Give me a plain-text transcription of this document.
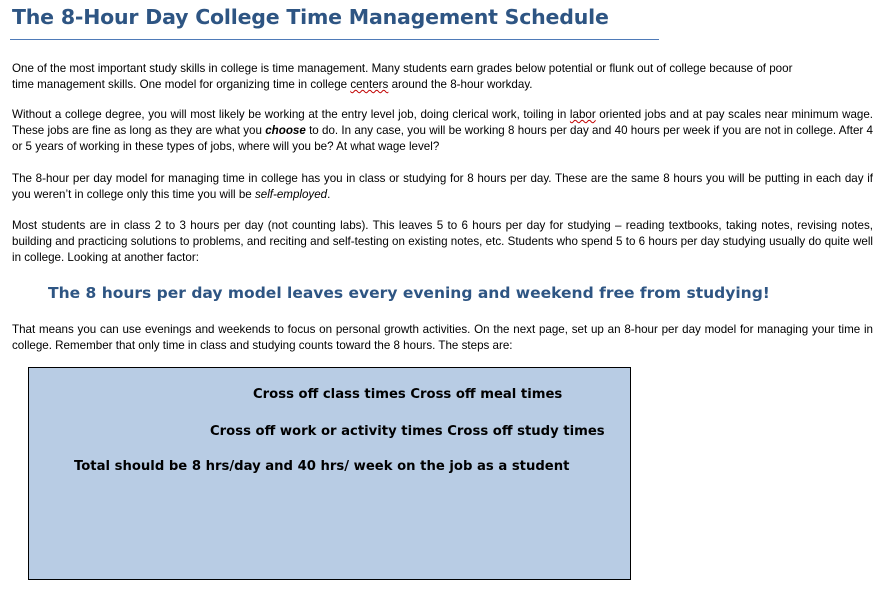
The 8-Hour Day College Time Management Schedule
One of the most important study skills in college is time management. Many students earn grades below potential or flunk out of college because of poor
time management skills. One model for organizing time in college centers around the 8-hour workday.

Without a college degree, you will most likely be working at the entry level job, doing clerical work, toiling in labor oriented jobs and at pay scales near minimum wage. These jobs are fine as long as they are what you choose to do. In any case, you will be working 8 hours per day and 40 hours per week if you are not in college. After 4 or 5 years of working in these types of jobs, where will you be? At what wage level?

The 8-hour per day model for managing time in college has you in class or studying for 8 hours per day. These are the same 8 hours you will be putting in each day if you weren’t in college only this time you will be self-employed.

Most students are in class 2 to 3 hours per day (not counting labs). This leaves 5 to 6 hours per day for studying – reading textbooks, taking notes, revising notes, building and practicing solutions to problems, and reciting and self-testing on existing notes, etc. Students who spend 5 to 6 hours per day studying usually do quite well in college. Looking at another factor:

The 8 hours per day model leaves every evening and weekend free from studying!

That means you can use evenings and weekends to focus on personal growth activities. On the next page, set up an 8-hour per day model for managing your time in college. Remember that only time in class and studying counts toward the 8 hours. The steps are:

Cross off class times Cross off meal times
Cross off work or activity times Cross off study times
Total should be 8 hrs/day and 40 hrs/ week on the job as a student
